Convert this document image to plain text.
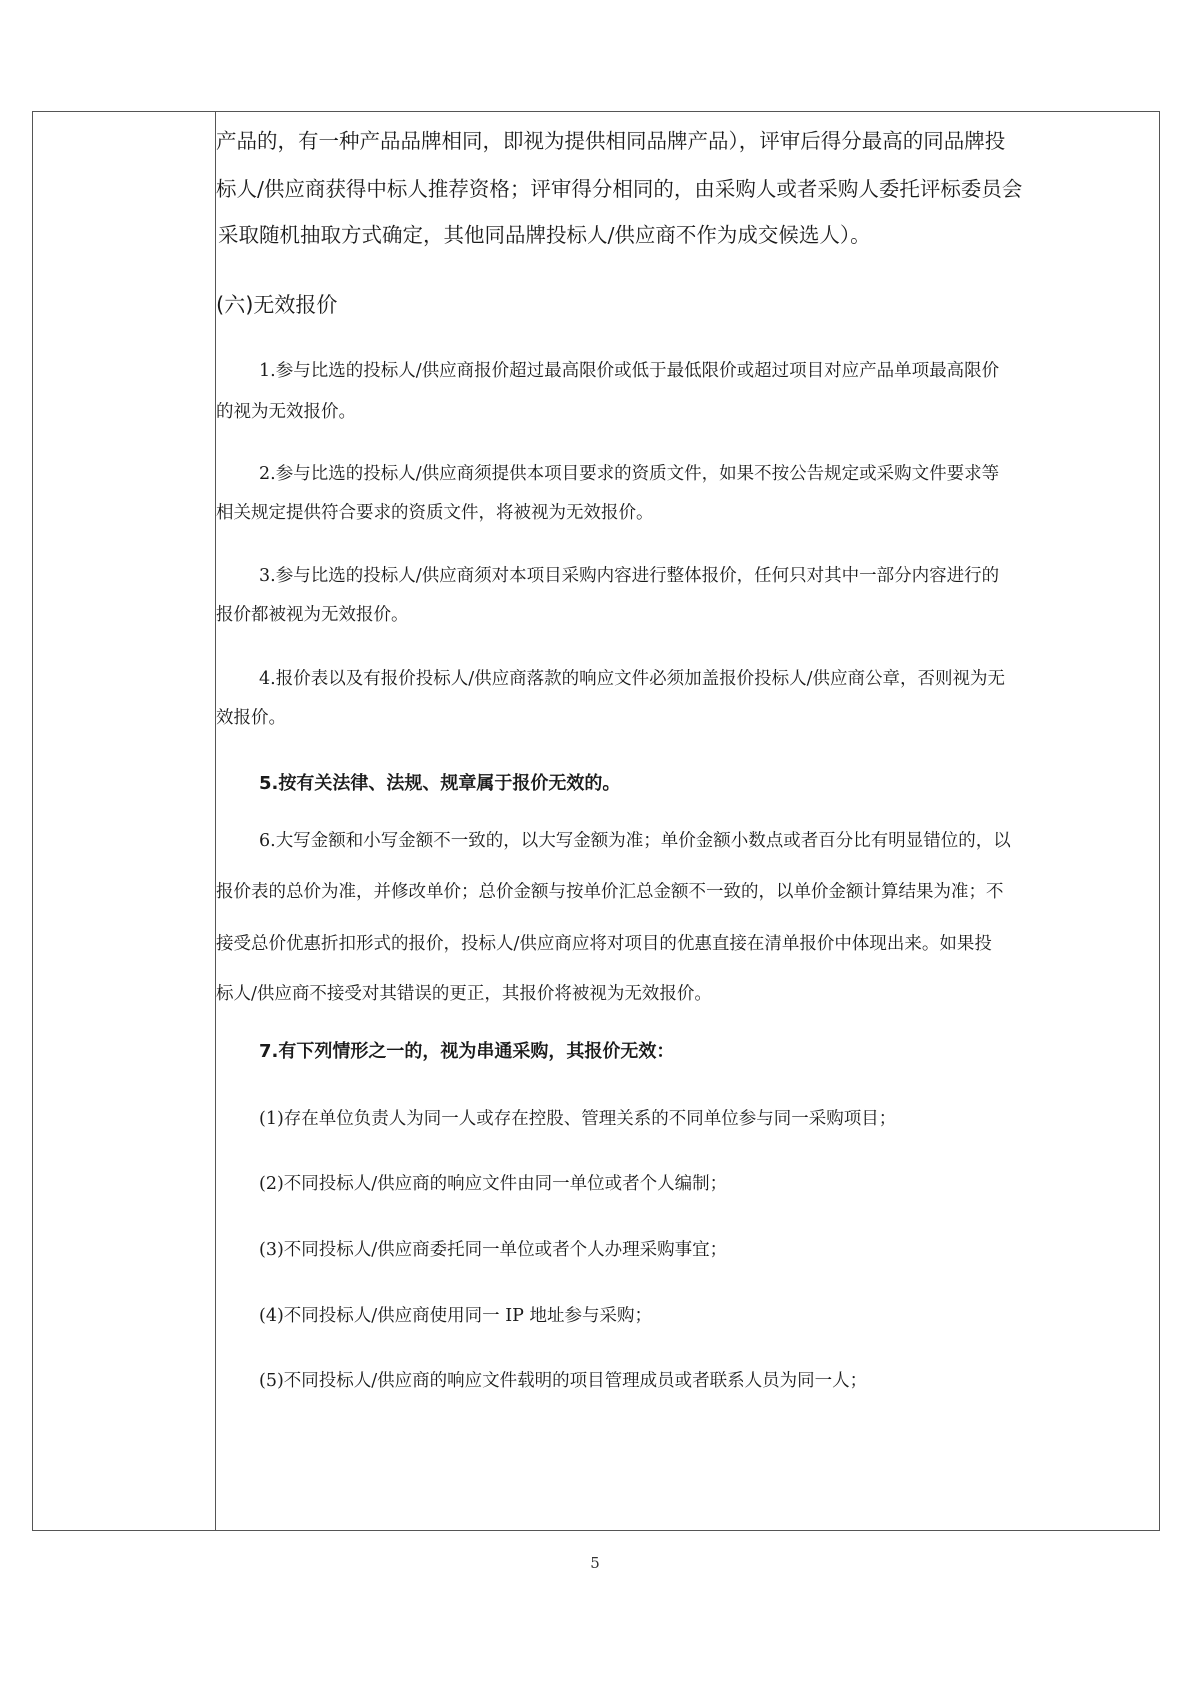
产品的，有一种产品品牌相同，即视为提供相同品牌产品），评审后得分最高的同品牌投

标人/供应商获得中标人推荐资格；评审得分相同的，由采购人或者采购人委托评标委员会

采取随机抽取方式确定，其他同品牌投标人/供应商不作为成交候选人）。

(六)无效报价

1.参与比选的投标人/供应商报价超过最高限价或低于最低限价或超过项目对应产品单项最高限价

的视为无效报价。

2.参与比选的投标人/供应商须提供本项目要求的资质文件，如果不按公告规定或采购文件要求等

相关规定提供符合要求的资质文件，将被视为无效报价。

3.参与比选的投标人/供应商须对本项目采购内容进行整体报价，任何只对其中一部分内容进行的

报价都被视为无效报价。

4.报价表以及有报价投标人/供应商落款的响应文件必须加盖报价投标人/供应商公章，否则视为无

效报价。

5.按有关法律、法规、规章属于报价无效的。

6.大写金额和小写金额不一致的，以大写金额为准；单价金额小数点或者百分比有明显错位的，以

报价表的总价为准，并修改单价；总价金额与按单价汇总金额不一致的，以单价金额计算结果为准；不

接受总价优惠折扣形式的报价，投标人/供应商应将对项目的优惠直接在清单报价中体现出来。如果投

标人/供应商不接受对其错误的更正，其报价将被视为无效报价。

7.有下列情形之一的，视为串通采购，其报价无效：

(1)存在单位负责人为同一人或存在控股、管理关系的不同单位参与同一采购项目；

(2)不同投标人/供应商的响应文件由同一单位或者个人编制；

(3)不同投标人/供应商委托同一单位或者个人办理采购事宜；

(4)不同投标人/供应商使用同一 IP 地址参与采购；

(5)不同投标人/供应商的响应文件载明的项目管理成员或者联系人员为同一人；

5
